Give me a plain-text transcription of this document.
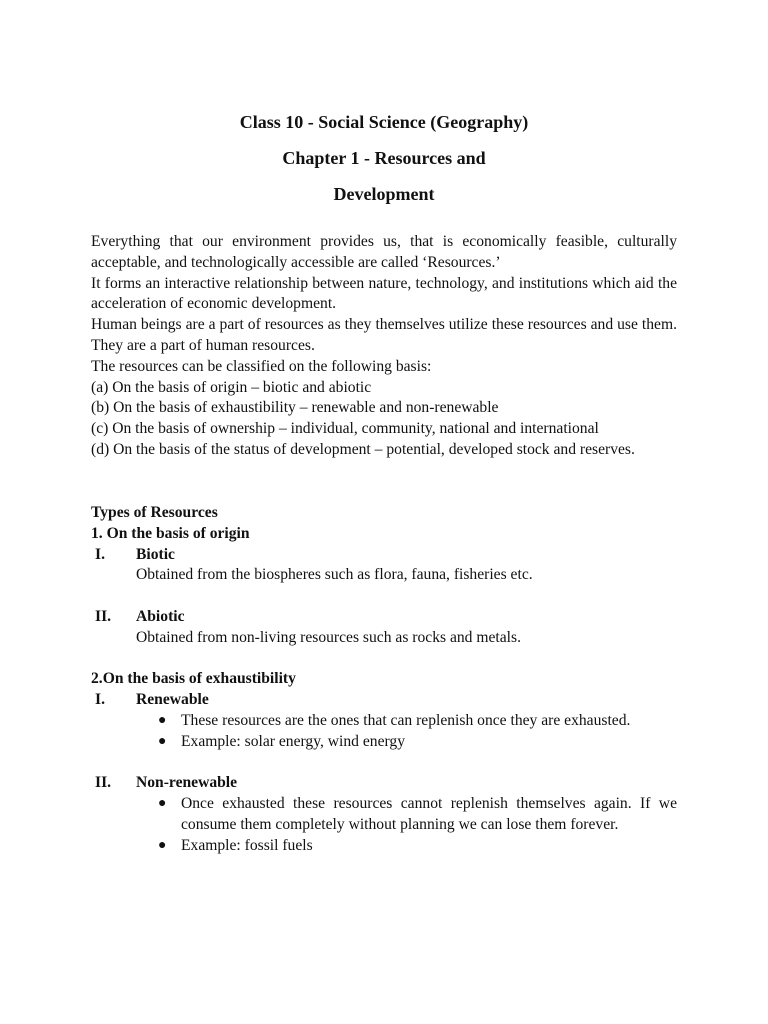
Class 10 - Social Science (Geography)
Chapter 1 - Resources and
Development

Everything that our environment provides us, that is economically feasible, culturally acceptable, and technologically accessible are called ‘Resources.’

It forms an interactive relationship between nature, technology, and institutions which aid the acceleration of economic development.

Human beings are a part of resources as they themselves utilize these resources and use them. They are a part of human resources.

The resources can be classified on the following basis:

(a) On the basis of origin – biotic and abiotic

(b) On the basis of exhaustibility – renewable and non-renewable

(c) On the basis of ownership – individual, community, national and international

(d) On the basis of the status of development – potential, developed stock and reserves.

Types of Resources
1. On the basis of origin
I. Biotic
Obtained from the biospheres such as flora, fauna, fisheries etc.
II. Abiotic
Obtained from non-living resources such as rocks and metals.
2.On the basis of exhaustibility
I. Renewable
● These resources are the ones that can replenish once they are exhausted.
● Example: solar energy, wind energy
II. Non-renewable
● Once exhausted these resources cannot replenish themselves again. If we consume them completely without planning we can lose them forever.
● Example: fossil fuels
